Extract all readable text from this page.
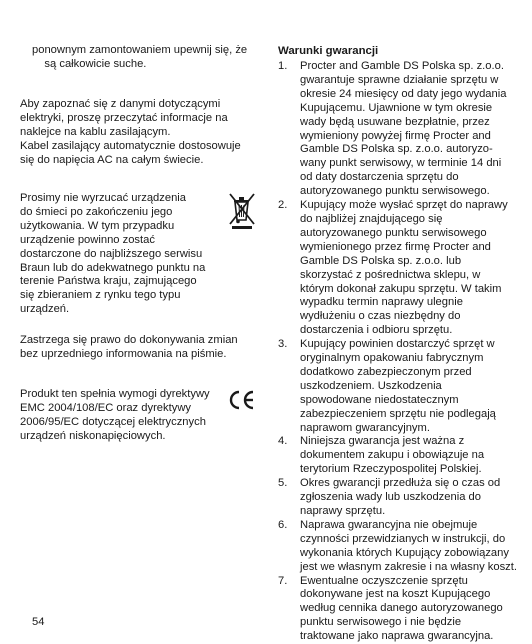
ponownym zamontowaniem upewnij się, że
są całkowicie suche.
Aby zapoznać się z danymi dotyczącymi
elektryki, proszę przeczytać informacje na
naklejce na kablu zasilającym.
Kabel zasilający automatycznie dostosowuje
się do napięcia AC na całym świecie.
Prosimy nie wyrzucać urządzenia
do śmieci po zakończeniu jego
użytkowania. W tym przypadku
urządzenie powinno zostać
dostarczone do najbliższego serwisu
Braun lub do adekwatnego punktu na
terenie Państwa kraju, zajmującego
się zbieraniem z rynku tego typu
urządzeń.
Zastrzega się prawo do dokonywania zmian
bez uprzedniego informowania na piśmie.
Produkt ten spełnia wymogi dyrektywy
EMC 2004/108/EC oraz dyrektywy
2006/95/EC dotyczącej elektrycznych
urządzeń niskonapięciowych.
Warunki gwarancji
1. Procter and Gamble DS Polska sp. z.o.o.
gwarantuje sprawne działanie sprzętu w
okresie 24 miesięcy od daty jego wydania
Kupującemu. Ujawnione w tym okresie
wady będą usuwane bezpłatnie, przez
wymieniony powyżej firmę Procter and
Gamble DS Polska sp. z.o.o. autoryzo-
wany punkt serwisowy, w terminie 14 dni
od daty dostarczenia sprzętu do
autoryzowanego punktu serwisowego.
2. Kupujący może wysłać sprzęt do naprawy
do najbliżej znajdującego się
autoryzowanego punktu serwisowego
wymienionego przez firmę Procter and
Gamble DS Polska sp. z.o.o. lub
skorzystać z pośrednictwa sklepu, w
którym dokonał zakupu sprzętu. W takim
wypadku termin naprawy ulegnie
wydłużeniu o czas niezbędny do
dostarczenia i odbioru sprzętu.
3. Kupujący powinien dostarczyć sprzęt w
oryginalnym opakowaniu fabrycznym
dodatkowo zabezpieczonym przed
uszkodzeniem. Uszkodzenia
spowodowane niedostatecznym
zabezpieczeniem sprzętu nie podlegają
naprawom gwarancyjnym.
4. Niniejsza gwarancja jest ważna z
dokumentem zakupu i obowiązuje na
terytorium Rzeczypospolitej Polskiej.
5. Okres gwarancji przedłuża się o czas od
zgłoszenia wady lub uszkodzenia do
naprawy sprzętu.
6. Naprawa gwarancyjna nie obejmuje
czynności przewidzianych w instrukcji, do
wykonania których Kupujący zobowiązany
jest we własnym zakresie i na własny koszt.
7. Ewentualne oczyszczenie sprzętu
dokonywane jest na koszt Kupującego
według cennika danego autoryzowanego
punktu serwisowego i nie będzie
traktowane jako naprawa gwarancyjna.
54
